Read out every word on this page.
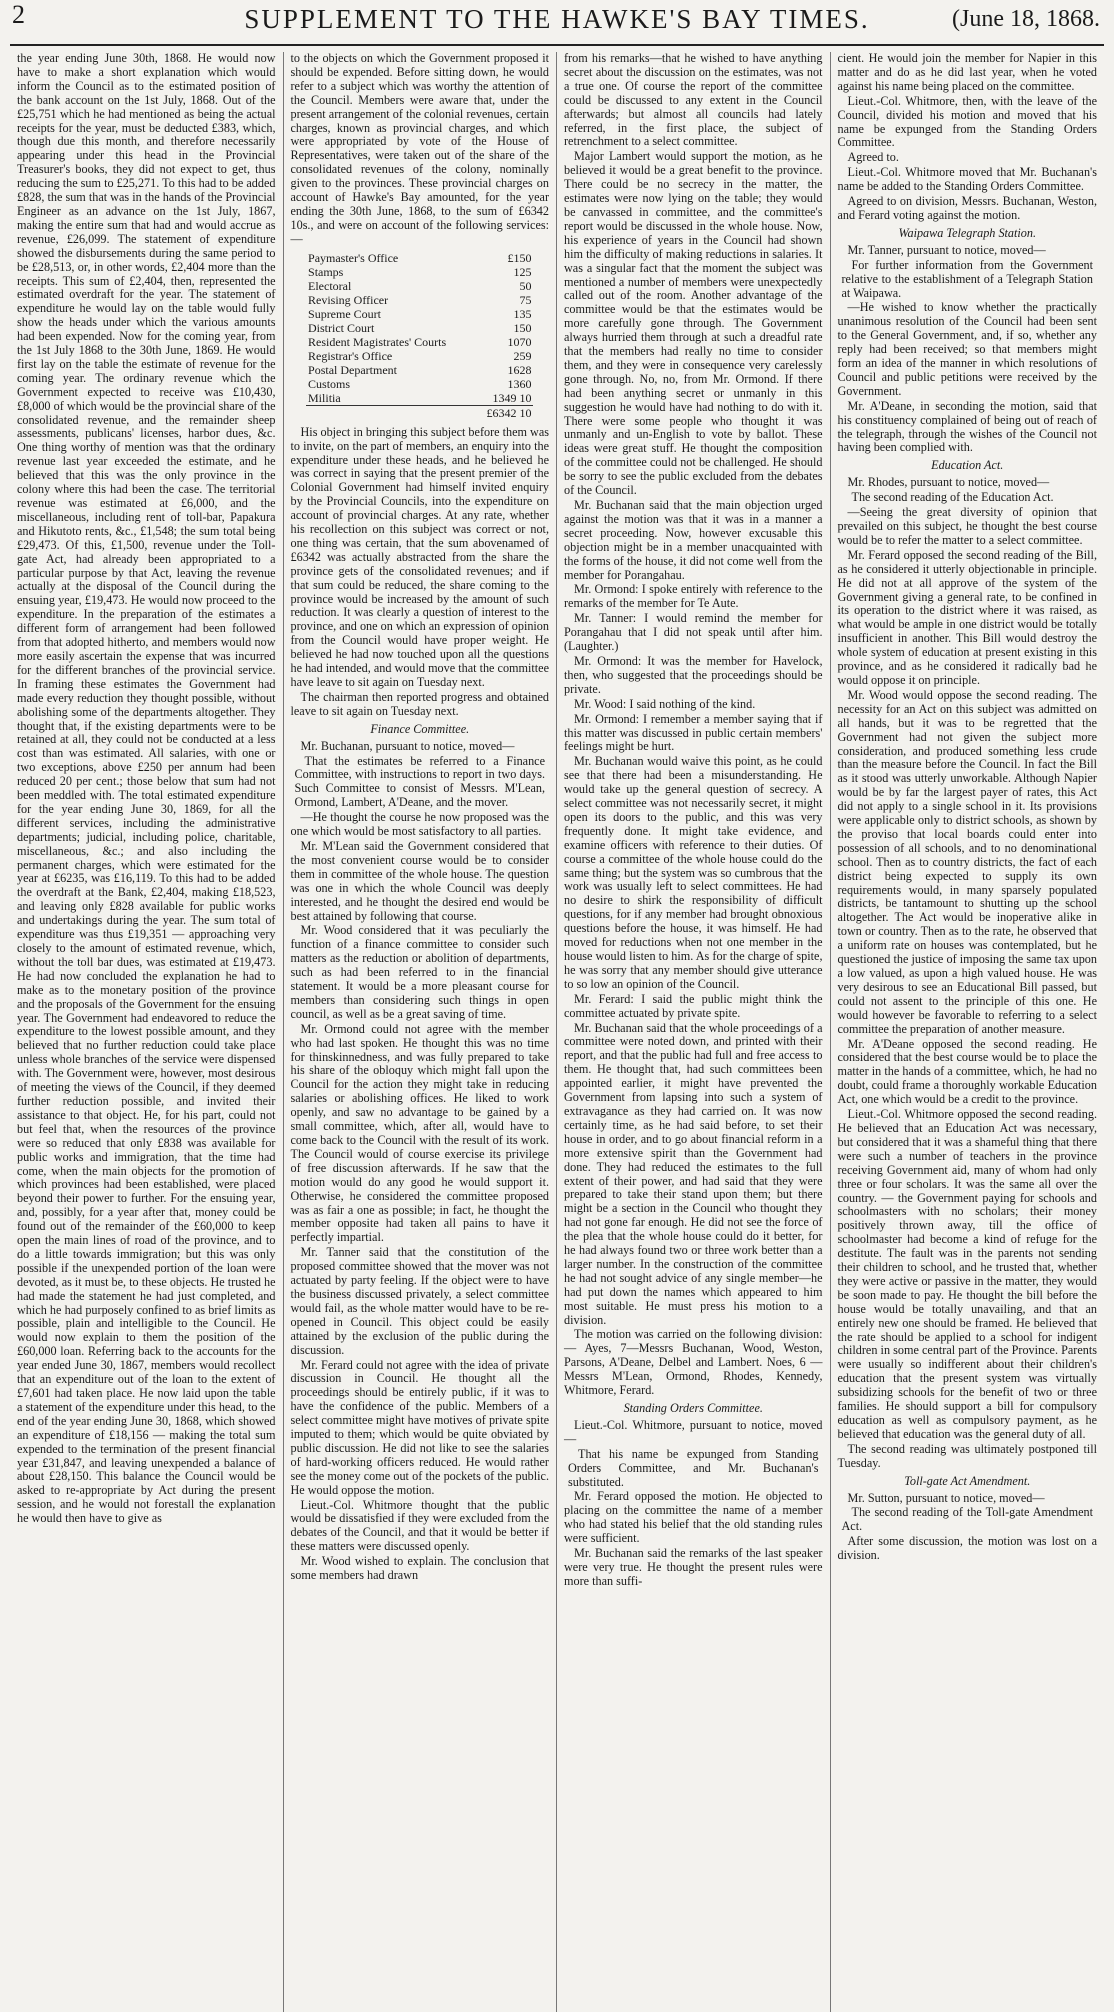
2	SUPPLEMENT TO THE HAWKE'S BAY TIMES.	(June 18, 1868.

the year ending June 30th, 1868. He would now have to make a short explanation which would inform the Council as to the estimated position of the bank account on the 1st July, 1868. Out of the £25,751 which he had mentioned as being the actual receipts for the year, must be deducted £383, which, though due this month, and therefore necessarily appearing under this head in the Provincial Treasurer's books, they did not expect to get, thus reducing the sum to £25,271. To this had to be added £828, the sum that was in the hands of the Provincial Engineer as an advance on the 1st July, 1867, making the entire sum that had and would accrue as revenue, £26,099. The statement of expenditure showed the disbursements during the same period to be £28,513, or, in other words, £2,404 more than the receipts. This sum of £2,404, then, represented the estimated overdraft for the year. The statement of expenditure he would lay on the table would fully show the heads under which the various amounts had been expended. Now for the coming year, from the 1st July 1868 to the 30th June, 1869. He would first lay on the table the estimate of revenue for the coming year. The ordinary revenue which the Government expected to receive was £10,430, £8,000 of which would be the provincial share of the consolidated revenue, and the remainder sheep assessments, publicans' licenses, harbor dues, &c. One thing worthy of mention was that the ordinary revenue last year exceeded the estimate, and he believed that this was the only province in the colony where this had been the case. The territorial revenue was estimated at £6,000, and the miscellaneous, including rent of toll-bar, Papakura and Hikutoto rents, &c., £1,548; the sum total being £29,473. Of this, £1,500, revenue under the Toll-gate Act, had already been appropriated to a particular purpose by that Act, leaving the revenue actually at the disposal of the Council during the ensuing year, £19,473. He would now proceed to the expenditure. In the preparation of the estimates a different form of arrangement had been followed from that adopted hitherto, and members would now more easily ascertain the expense that was incurred for the different branches of the provincial service. In framing these estimates the Government had made every reduction they thought possible, without abolishing some of the departments altogether. They thought that, if the existing departments were to be retained at all, they could not be conducted at a less cost than was estimated. All salaries, with one or two exceptions, above £250 per annum had been reduced 20 per cent.; those below that sum had not been meddled with. The total estimated expenditure for the year ending June 30, 1869, for all the different services, including the administrative departments; judicial, including police, charitable, miscellaneous, &c.; and also including the permanent charges, which were estimated for the year at £6235, was £16,119. To this had to be added the overdraft at the Bank, £2,404, making £18,523, and leaving only £828 available for public works and undertakings during the year. The sum total of expenditure was thus £19,351 — approaching very closely to the amount of estimated revenue, which, without the toll bar dues, was estimated at £19,473. He had now concluded the explanation he had to make as to the monetary position of the province and the proposals of the Government for the ensuing year. The Government had endeavored to reduce the expenditure to the lowest possible amount, and they believed that no further reduction could take place unless whole branches of the service were dispensed with. The Government were, however, most desirous of meeting the views of the Council, if they deemed further reduction possible, and invited their assistance to that object. He, for his part, could not but feel that, when the resources of the province were so reduced that only £838 was available for public works and immigration, that the time had come, when the main objects for the promotion of which provinces had been established, were placed beyond their power to further. For the ensuing year, and, possibly, for a year after that, money could be found out of the remainder of the £60,000 to keep open the main lines of road of the province, and to do a little towards immigration; but this was only possible if the unexpended portion of the loan were devoted, as it must be, to these objects. He trusted he had made the statement he had just completed, and which he had purposely confined to as brief limits as possible, plain and intelligible to the Council. He would now explain to them the position of the £60,000 loan. Referring back to the accounts for the year ended June 30, 1867, members would recollect that an expenditure out of the loan to the extent of £7,601 had taken place. He now laid upon the table a statement of the expenditure under this head, to the end of the year ending June 30, 1868, which showed an expenditure of £18,156 — making the total sum expended to the termination of the present financial year £31,847, and leaving unexpended a balance of about £28,150. This balance the Council would be asked to re-appropriate by Act during the present session, and he would not forestall the explanation he would then have to give as

to the objects on which the Government proposed it should be expended. Before sitting down, he would refer to a subject which was worthy the attention of the Council. Members were aware that, under the present arrangement of the colonial revenues, certain charges, known as provincial charges, and which were appropriated by vote of the House of Representatives, were taken out of the share of the consolidated revenues of the colony, nominally given to the provinces. These provincial charges on account of Hawke's Bay amounted, for the year ending the 30th June, 1868, to the sum of £6342 10s., and were on account of the following services:—

Paymaster's Office	£150
Stamps	125
Electoral	50
Revising Officer	75
Supreme Court	135
District Court	150
Resident Magistrates' Courts	1070
Registrar's Office	259
Postal Department	1628
Customs	1360
Militia	1349 10
	£6342 10

His object in bringing this subject before them was to invite, on the part of members, an enquiry into the expenditure under these heads, and he believed he was correct in saying that the present premier of the Colonial Government had himself invited enquiry by the Provincial Councils, into the expenditure on account of provincial charges. At any rate, whether his recollection on this subject was correct or not, one thing was certain, that the sum abovenamed of £6342 was actually abstracted from the share the province gets of the consolidated revenues; and if that sum could be reduced, the share coming to the province would be increased by the amount of such reduction. It was clearly a question of interest to the province, and one on which an expression of opinion from the Council would have proper weight. He believed he had now touched upon all the questions he had intended, and would move that the committee have leave to sit again on Tuesday next.

The chairman then reported progress and obtained leave to sit again on Tuesday next.

Finance Committee.

Mr. Buchanan, pursuant to notice, moved—

That the estimates be referred to a Finance Committee, with instructions to report in two days. Such Committee to consist of Messrs. M'Lean, Ormond, Lambert, A'Deane, and the mover.

—He thought the course he now proposed was the one which would be most satisfactory to all parties.

Mr. M'Lean said the Government considered that the most convenient course would be to consider them in committee of the whole house. The question was one in which the whole Council was deeply interested, and he thought the desired end would be best attained by following that course.

Mr. Wood considered that it was peculiarly the function of a finance committee to consider such matters as the reduction or abolition of departments, such as had been referred to in the financial statement. It would be a more pleasant course for members than considering such things in open council, as well as be a great saving of time.

Mr. Ormond could not agree with the member who had last spoken. He thought this was no time for thinskinnedness, and was fully prepared to take his share of the obloquy which might fall upon the Council for the action they might take in reducing salaries or abolishing offices. He liked to work openly, and saw no advantage to be gained by a small committee, which, after all, would have to come back to the Council with the result of its work. The Council would of course exercise its privilege of free discussion afterwards. If he saw that the motion would do any good he would support it. Otherwise, he considered the committee proposed was as fair a one as possible; in fact, he thought the member opposite had taken all pains to have it perfectly impartial.

Mr. Tanner said that the constitution of the proposed committee showed that the mover was not actuated by party feeling. If the object were to have the business discussed privately, a select committee would fail, as the whole matter would have to be re-opened in Council. This object could be easily attained by the exclusion of the public during the discussion.

Mr. Ferard could not agree with the idea of private discussion in Council. He thought all the proceedings should be entirely public, if it was to have the confidence of the public. Members of a select committee might have motives of private spite imputed to them; which would be quite obviated by public discussion. He did not like to see the salaries of hard-working officers reduced. He would rather see the money come out of the pockets of the public. He would oppose the motion.

Lieut.-Col. Whitmore thought that the public would be dissatisfied if they were excluded from the debates of the Council, and that it would be better if these matters were discussed openly.

Mr. Wood wished to explain. The conclusion that some members had drawn

from his remarks—that he wished to have anything secret about the discussion on the estimates, was not a true one. Of course the report of the committee could be discussed to any extent in the Council afterwards; but almost all councils had lately referred, in the first place, the subject of retrenchment to a select committee.

Major Lambert would support the motion, as he believed it would be a great benefit to the province. There could be no secrecy in the matter, the estimates were now lying on the table; they would be canvassed in committee, and the committee's report would be discussed in the whole house. Now, his experience of years in the Council had shown him the difficulty of making reductions in salaries. It was a singular fact that the moment the subject was mentioned a number of members were unexpectedly called out of the room. Another advantage of the committee would be that the estimates would be more carefully gone through. The Government always hurried them through at such a dreadful rate that the members had really no time to consider them, and they were in consequence very carelessly gone through. No, no, from Mr. Ormond. If there had been anything secret or unmanly in this suggestion he would have had nothing to do with it. There were some people who thought it was unmanly and un-English to vote by ballot. These ideas were great stuff. He thought the composition of the committee could not be challenged. He should be sorry to see the public excluded from the debates of the Council.

Mr. Buchanan said that the main objection urged against the motion was that it was in a manner a secret proceeding. Now, however excusable this objection might be in a member unacquainted with the forms of the house, it did not come well from the member for Porangahau.

Mr. Ormond: I spoke entirely with reference to the remarks of the member for Te Aute.

Mr. Tanner: I would remind the member for Porangahau that I did not speak until after him. (Laughter.)

Mr. Ormond: It was the member for Havelock, then, who suggested that the proceedings should be private.

Mr. Wood: I said nothing of the kind.

Mr. Ormond: I remember a member saying that if this matter was discussed in public certain members' feelings might be hurt.

Mr. Buchanan would waive this point, as he could see that there had been a misunderstanding. He would take up the general question of secrecy. A select committee was not necessarily secret, it might open its doors to the public, and this was very frequently done. It might take evidence, and examine officers with reference to their duties. Of course a committee of the whole house could do the same thing; but the system was so cumbrous that the work was usually left to select committees. He had no desire to shirk the responsibility of difficult questions, for if any member had brought obnoxious questions before the house, it was himself. He had moved for reductions when not one member in the house would listen to him. As for the charge of spite, he was sorry that any member should give utterance to so low an opinion of the Council.

Mr. Ferard: I said the public might think the committee actuated by private spite.

Mr. Buchanan said that the whole proceedings of a committee were noted down, and printed with their report, and that the public had full and free access to them. He thought that, had such committees been appointed earlier, it might have prevented the Government from lapsing into such a system of extravagance as they had carried on. It was now certainly time, as he had said before, to set their house in order, and to go about financial reform in a more extensive spirit than the Government had done. They had reduced the estimates to the full extent of their power, and had said that they were prepared to take their stand upon them; but there might be a section in the Council who thought they had not gone far enough. He did not see the force of the plea that the whole house could do it better, for he had always found two or three work better than a larger number. In the construction of the committee he had not sought advice of any single member—he had put down the names which appeared to him most suitable. He must press his motion to a division.

The motion was carried on the following division:— Ayes, 7—Messrs Buchanan, Wood, Weston, Parsons, A'Deane, Delbel and Lambert. Noes, 6 — Messrs M'Lean, Ormond, Rhodes, Kennedy, Whitmore, Ferard.

Standing Orders Committee.

Lieut.-Col. Whitmore, pursuant to notice, moved—

That his name be expunged from Standing Orders Committee, and Mr. Buchanan's substituted.

Mr. Ferard opposed the motion. He objected to placing on the committee the name of a member who had stated his belief that the old standing rules were sufficient.

Mr. Buchanan said the remarks of the last speaker were very true. He thought the present rules were more than suffi-

cient. He would join the member for Napier in this matter and do as he did last year, when he voted against his name being placed on the committee.

Lieut.-Col. Whitmore, then, with the leave of the Council, divided his motion and moved that his name be expunged from the Standing Orders Committee.

Agreed to.

Lieut.-Col. Whitmore moved that Mr. Buchanan's name be added to the Standing Orders Committee.

Agreed to on division, Messrs. Buchanan, Weston, and Ferard voting against the motion.

Waipawa Telegraph Station.

Mr. Tanner, pursuant to notice, moved—

For further information from the Government relative to the establishment of a Telegraph Station at Waipawa.

—He wished to know whether the practically unanimous resolution of the Council had been sent to the General Government, and, if so, whether any reply had been received; so that members might form an idea of the manner in which resolutions of Council and public petitions were received by the Government.

Mr. A'Deane, in seconding the motion, said that his constituency complained of being out of reach of the telegraph, through the wishes of the Council not having been complied with.

Education Act.

Mr. Rhodes, pursuant to notice, moved—

The second reading of the Education Act.

—Seeing the great diversity of opinion that prevailed on this subject, he thought the best course would be to refer the matter to a select committee.

Mr. Ferard opposed the second reading of the Bill, as he considered it utterly objectionable in principle. He did not at all approve of the system of the Government giving a general rate, to be confined in its operation to the district where it was raised, as what would be ample in one district would be totally insufficient in another. This Bill would destroy the whole system of education at present existing in this province, and as he considered it radically bad he would oppose it on principle.

Mr. Wood would oppose the second reading. The necessity for an Act on this subject was admitted on all hands, but it was to be regretted that the Government had not given the subject more consideration, and produced something less crude than the measure before the Council. In fact the Bill as it stood was utterly unworkable. Although Napier would be by far the largest payer of rates, this Act did not apply to a single school in it. Its provisions were applicable only to district schools, as shown by the proviso that local boards could enter into possession of all schools, and to no denominational school. Then as to country districts, the fact of each district being expected to supply its own requirements would, in many sparsely populated districts, be tantamount to shutting up the school altogether. The Act would be inoperative alike in town or country. Then as to the rate, he observed that a uniform rate on houses was contemplated, but he questioned the justice of imposing the same tax upon a low valued, as upon a high valued house. He was very desirous to see an Educational Bill passed, but could not assent to the principle of this one. He would however be favorable to referring to a select committee the preparation of another measure.

Mr. A'Deane opposed the second reading. He considered that the best course would be to place the matter in the hands of a committee, which, he had no doubt, could frame a thoroughly workable Education Act, one which would be a credit to the province.

Lieut.-Col. Whitmore opposed the second reading. He believed that an Education Act was necessary, but considered that it was a shameful thing that there were such a number of teachers in the province receiving Government aid, many of whom had only three or four scholars. It was the same all over the country. — the Government paying for schools and schoolmasters with no scholars; their money positively thrown away, till the office of schoolmaster had become a kind of refuge for the destitute. The fault was in the parents not sending their children to school, and he trusted that, whether they were active or passive in the matter, they would be soon made to pay. He thought the bill before the house would be totally unavailing, and that an entirely new one should be framed. He believed that the rate should be applied to a school for indigent children in some central part of the Province. Parents were usually so indifferent about their children's education that the present system was virtually subsidizing schools for the benefit of two or three families. He should support a bill for compulsory education as well as compulsory payment, as he believed that education was the general duty of all.

The second reading was ultimately postponed till Tuesday.

Toll-gate Act Amendment.

Mr. Sutton, pursuant to notice, moved—

The second reading of the Toll-gate Amendment Act.

After some discussion, the motion was lost on a division.
